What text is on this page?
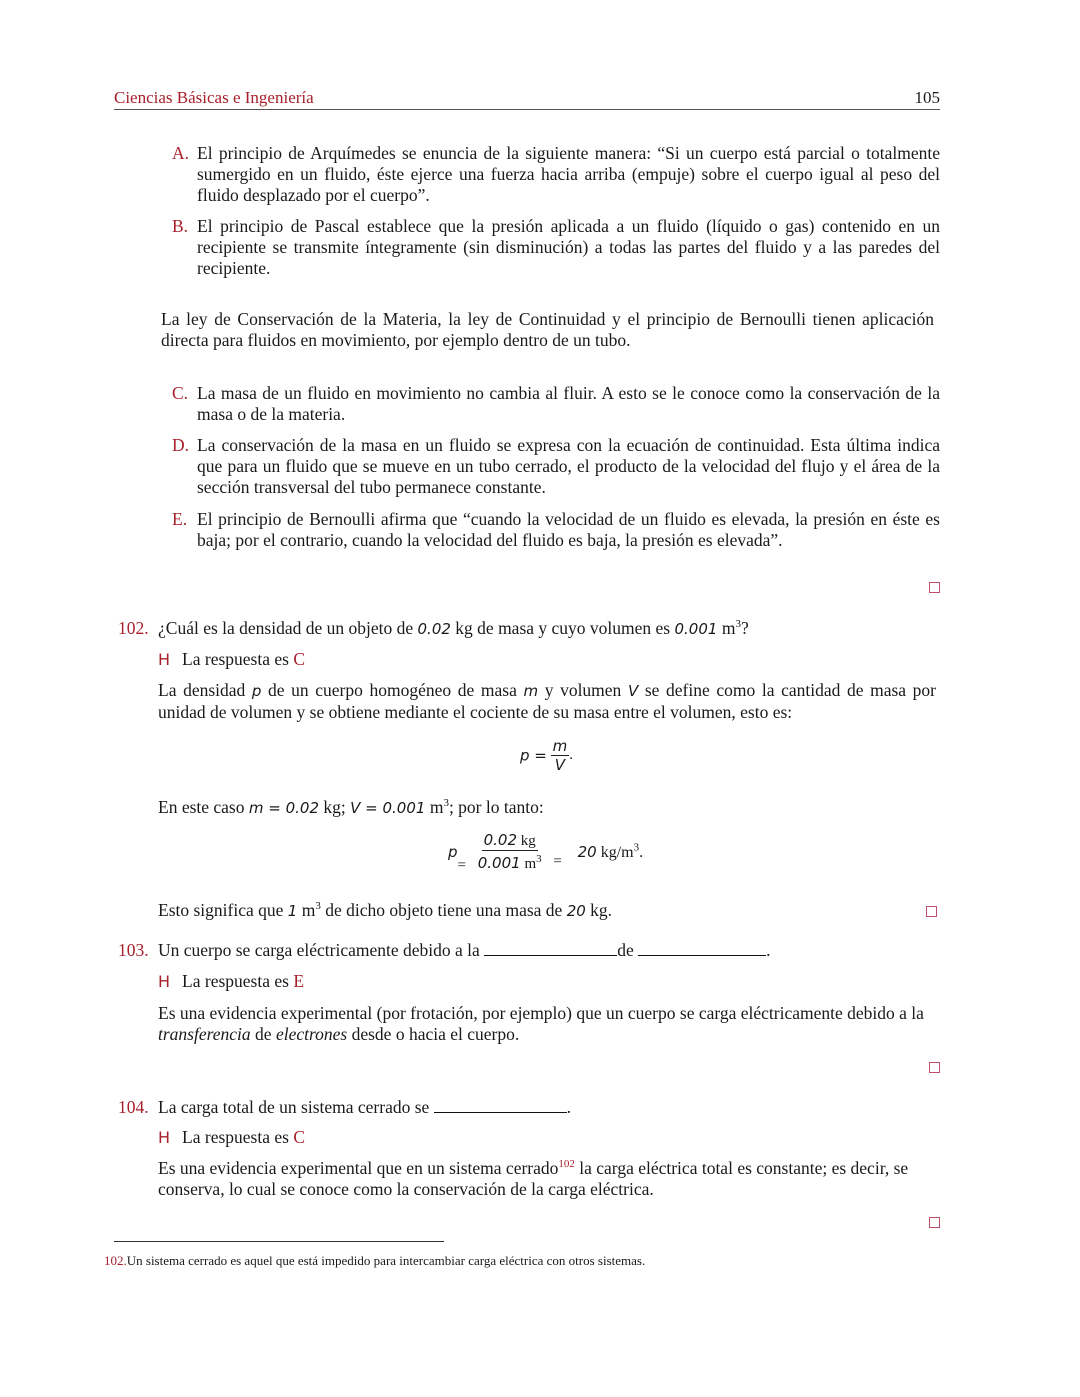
Ciencias Básicas e Ingeniería	105
A. El principio de Arquímedes se enuncia de la siguiente manera: “Si un cuerpo está parcial o totalmente sumergido en un fluido, éste ejerce una fuerza hacia arriba (empuje) sobre el cuerpo igual al peso del fluido desplazado por el cuerpo”.
B. El principio de Pascal establece que la presión aplicada a un fluido (líquido o gas) contenido en un recipiente se transmite íntegramente (sin disminución) a todas las partes del fluido y a las paredes del recipiente.
La ley de Conservación de la Materia, la ley de Continuidad y el principio de Bernoulli tienen aplicación directa para fluidos en movimiento, por ejemplo dentro de un tubo.
C. La masa de un fluido en movimiento no cambia al fluir. A esto se le conoce como la conservación de la masa o de la materia.
D. La conservación de la masa en un fluido se expresa con la ecuación de continuidad. Esta última indica que para un fluido que se mueve en un tubo cerrado, el producto de la velocidad del flujo y el área de la sección transversal del tubo permanece constante.
E. El principio de Bernoulli afirma que “cuando la velocidad de un fluido es elevada, la presión en éste es baja; por el contrario, cuando la velocidad del fluido es baja, la presión es elevada”.
102. ¿Cuál es la densidad de un objeto de 0.02 kg de masa y cuyo volumen es 0.001 $m^3$?
H La respuesta es C
La densidad p de un cuerpo homogéneo de masa m y volumen V se define como la cantidad de masa por unidad de volumen y se obtiene mediante el cociente de su masa entre el volumen, esto es:
$p = \frac{m}{V}$ .
En este caso m = 0.02 kg; V = 0.001 $m^3$; por lo tanto:
$p= \frac{0.02 kg}{0.001 m^3} = 20$ $kg/m^3$.
Esto significa que 1 $m^3$ de dicho objeto tiene una masa de 20 kg.
103. Un cuerpo se carga eléctricamente debido a la	de	.
H La respuesta es E
Es una evidencia experimental (por frotación, por ejemplo) que un cuerpo se carga eléctricamente debido a la transferencia de electrones desde o hacia el cuerpo.
104. La carga total de un sistema cerrado se	.
H La respuesta es C
Es una evidencia experimental que en un sistema cerrado$^{102}$ la carga eléctrica total es constante; es decir, se conserva, lo cual se conoce como la conservación de la carga eléctrica.
102.Un sistema cerrado es aquel que está impedido para intercambiar carga eléctrica con otros sistemas.
